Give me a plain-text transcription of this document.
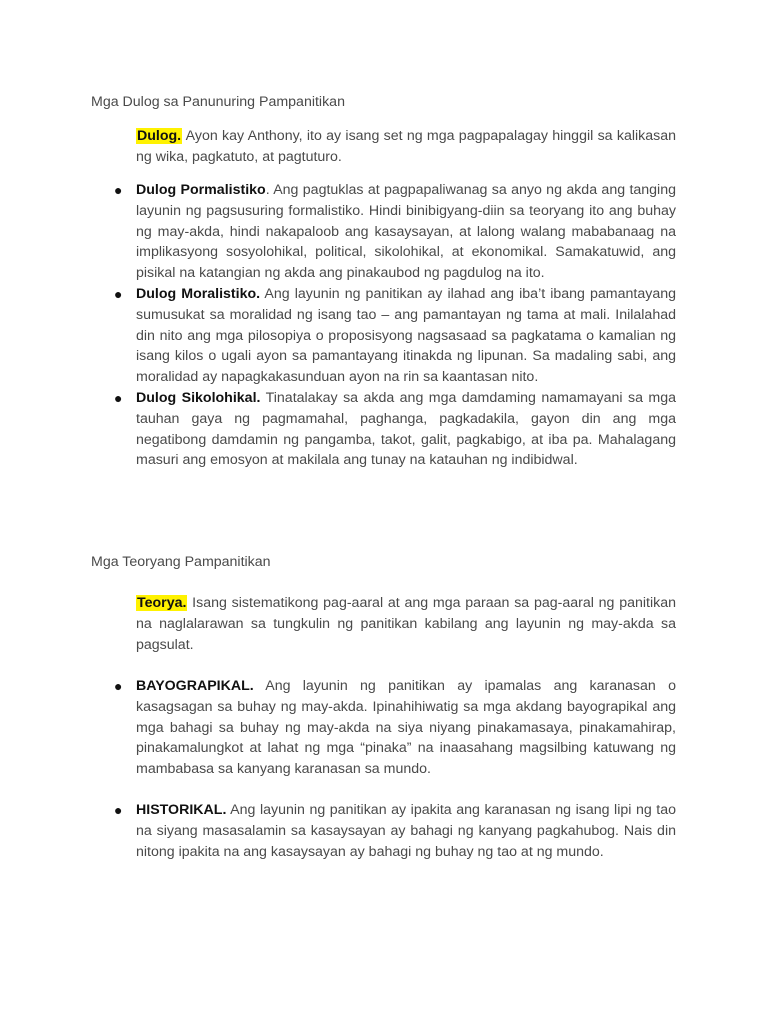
Mga Dulog sa Panunuring Pampanitikan

Dulog. Ayon kay Anthony, ito ay isang set ng mga pagpapalagay hinggil sa kalikasan ng wika, pagkatuto, at pagtuturo.

● Dulog Pormalistiko. Ang pagtuklas at pagpapaliwanag sa anyo ng akda ang tanging layunin ng pagsusuring formalistiko. Hindi binibigyang-diin sa teoryang ito ang buhay ng may-akda, hindi nakapaloob ang kasaysayan, at lalong walang mababanaag na implikasyong sosyolohikal, political, sikolohikal, at ekonomikal. Samakatuwid, ang pisikal na katangian ng akda ang pinakaubod ng pagdulog na ito.
● Dulog Moralistiko. Ang layunin ng panitikan ay ilahad ang iba’t ibang pamantayang sumusukat sa moralidad ng isang tao – ang pamantayan ng tama at mali. Inilalahad din nito ang mga pilosopiya o proposisyong nagsasaad sa pagkatama o kamalian ng isang kilos o ugali ayon sa pamantayang itinakda ng lipunan. Sa madaling sabi, ang moralidad ay napagkakasunduan ayon na rin sa kaantasan nito.
● Dulog Sikolohikal. Tinatalakay sa akda ang mga damdaming namamayani sa mga tauhan gaya ng pagmamahal, paghanga, pagkadakila, gayon din ang mga negatibong damdamin ng pangamba, takot, galit, pagkabigo, at iba pa. Mahalagang masuri ang emosyon at makilala ang tunay na katauhan ng indibidwal.
Mga Teoryang Pampanitikan

Teorya. Isang sistematikong pag-aaral at ang mga paraan sa pag-aaral ng panitikan na naglalarawan sa tungkulin ng panitikan kabilang ang layunin ng may-akda sa pagsulat.

● BAYOGRAPIKAL. Ang layunin ng panitikan ay ipamalas ang karanasan o kasagsagan sa buhay ng may-akda. Ipinahihiwatig sa mga akdang bayograpikal ang mga bahagi sa buhay ng may-akda na siya niyang pinakamasaya, pinakamahirap, pinakamalungkot at lahat ng mga “pinaka” na inaasahang magsilbing katuwang ng mambabasa sa kanyang karanasan sa mundo.
● HISTORIKAL. Ang layunin ng panitikan ay ipakita ang karanasan ng isang lipi ng tao na siyang masasalamin sa kasaysayan ay bahagi ng kanyang pagkahubog. Nais din nitong ipakita na ang kasaysayan ay bahagi ng buhay ng tao at ng mundo.
